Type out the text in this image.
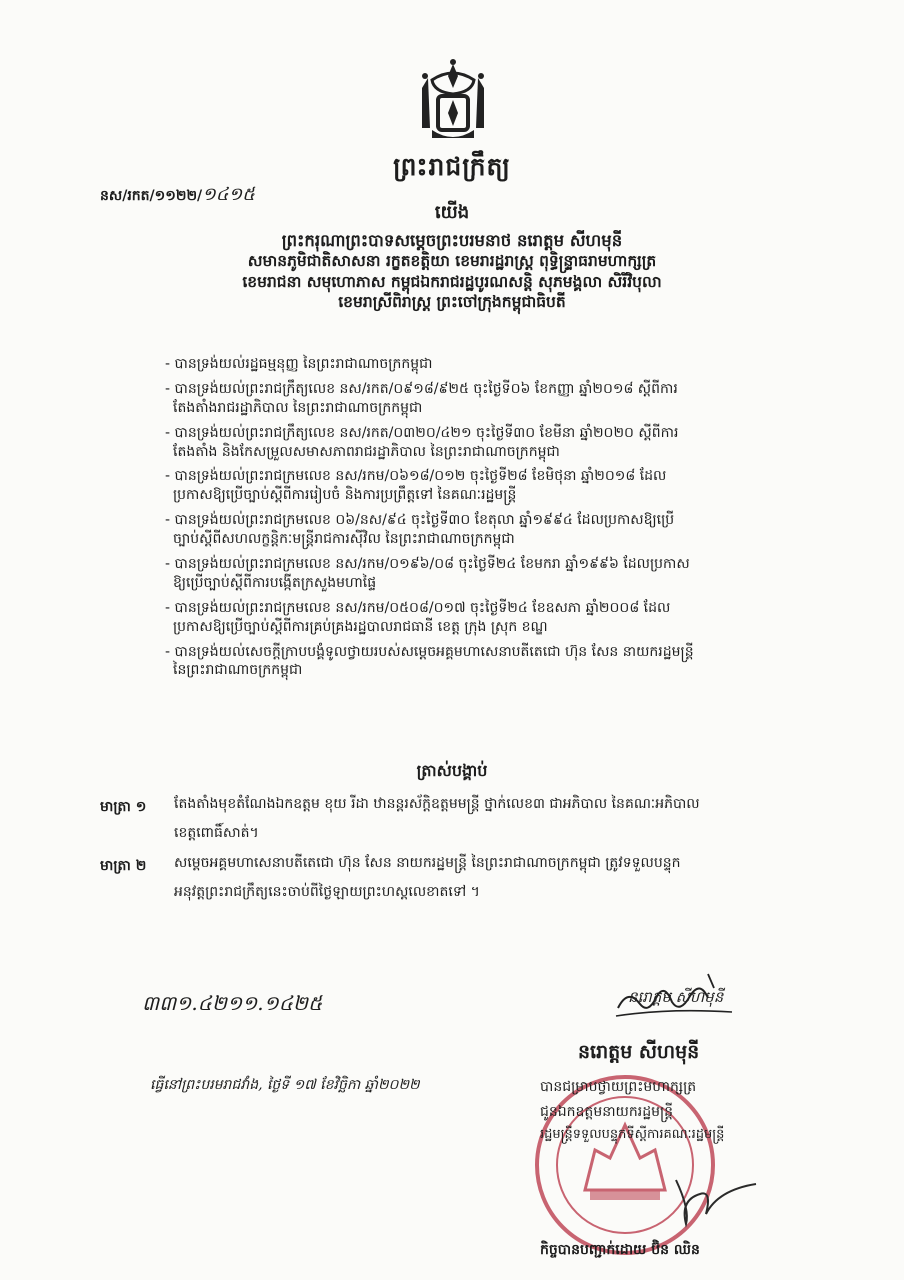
ព្រះរាជក្រឹត្យ
នស/រកត/១១២២/១៤១៥
យើង
ព្រះករុណាព្រះបាទសម្តេចព្រះបរមនាថ នរោត្តម សីហមុនី
សមានភូមិជាតិសាសនា រក្ខតខត្តិយា ខេមរារដ្ឋរាស្ត្រ ពុទ្ធិន្ទ្រាធរាមហាក្សត្រ
ខេមរាជនា សមុហោភាស កម្ពុជឯករាជរដ្ឋបូរណសន្តិ សុភមង្គលា សិរីវិបុលា
ខេមរាស្រីពិរាស្ត្រ ព្រះចៅក្រុងកម្ពុជាធិបតី
- បានទ្រង់យល់រដ្ឋធម្មនុញ្ញ នៃព្រះរាជាណាចក្រកម្ពុជា
- បានទ្រង់យល់ព្រះរាជក្រឹត្យលេខ នស/រកត/០៩១៨/៩២៥ ចុះថ្ងៃទី០៦ ខែកញ្ញា ឆ្នាំ២០១៨ ស្តីពីការ
តែងតាំងរាជរដ្ឋាភិបាល នៃព្រះរាជាណាចក្រកម្ពុជា
- បានទ្រង់យល់ព្រះរាជក្រឹត្យលេខ នស/រកត/០៣២០/៤២១ ចុះថ្ងៃទី៣០ ខែមីនា ឆ្នាំ២០២០ ស្តីពីការ
តែងតាំង និងកែសម្រួលសមាសភាពរាជរដ្ឋាភិបាល នៃព្រះរាជាណាចក្រកម្ពុជា
- បានទ្រង់យល់ព្រះរាជក្រមលេខ នស/រកម/០៦១៨/០១២ ចុះថ្ងៃទី២៨ ខែមិថុនា ឆ្នាំ២០១៨ ដែល
ប្រកាសឱ្យប្រើច្បាប់ស្តីពីការរៀបចំ និងការប្រព្រឹត្តទៅ នៃគណៈរដ្ឋមន្ត្រី
- បានទ្រង់យល់ព្រះរាជក្រមលេខ ០៦/នស/៩៤ ចុះថ្ងៃទី៣០ ខែតុលា ឆ្នាំ១៩៩៤ ដែលប្រកាសឱ្យប្រើ
ច្បាប់ស្តីពីសហលក្ខន្តិកៈមន្ត្រីរាជការស៊ីវិល នៃព្រះរាជាណាចក្រកម្ពុជា
- បានទ្រង់យល់ព្រះរាជក្រមលេខ នស/រកម/០១៩៦/០៨ ចុះថ្ងៃទី២៤ ខែមករា ឆ្នាំ១៩៩៦ ដែលប្រកាស
ឱ្យប្រើច្បាប់ស្តីពីការបង្កើតក្រសួងមហាផ្ទៃ
- បានទ្រង់យល់ព្រះរាជក្រមលេខ នស/រកម/០៥០៨/០១៧ ចុះថ្ងៃទី២៤ ខែឧសភា ឆ្នាំ២០០៨ ដែល
ប្រកាសឱ្យប្រើច្បាប់ស្តីពីការគ្រប់គ្រងរដ្ឋបាលរាជធានី ខេត្ត ក្រុង ស្រុក ខណ្ឌ
- បានទ្រង់យល់សេចក្តីក្រាបបង្គំទូលថ្វាយរបស់សម្តេចអគ្គមហាសេនាបតីតេជោ ហ៊ុន សែន នាយករដ្ឋមន្ត្រី
នៃព្រះរាជាណាចក្រកម្ពុជា
ត្រាស់បង្គាប់
មាត្រា ១ តែងតាំងមុខតំណែងឯកឧត្តម ខុយ រីដា ឋានន្តរស័ក្តិឧត្តមមន្ត្រី ថ្នាក់លេខ៣ ជាអភិបាល នៃគណៈអភិបាល
ខេត្តពោធិ៍សាត់។
មាត្រា ២ សម្តេចអគ្គមហាសេនាបតីតេជោ ហ៊ុន សែន នាយករដ្ឋមន្ត្រី នៃព្រះរាជាណាចក្រកម្ពុជា ត្រូវទទួលបន្ទុក
អនុវត្តព្រះរាជក្រឹត្យនេះចាប់ពីថ្ងៃឡាយព្រះហស្តលេខាតទៅ ។
៣៣១.៤២១១.១៤២៥	នរោត្តម សីហមុនី
នរោត្តម សីហមុនី
ធ្វើនៅព្រះបរមរាជវាំង, ថ្ងៃទី ១៧ ខែវិច្ឆិកា ឆ្នាំ២០២២	បានជម្រាបថ្វាយព្រះមហាក្សត្រ
ជូនឯកឧត្តមនាយករដ្ឋមន្ត្រី
រដ្ឋមន្ត្រីទទួលបន្ទុកទីស្តីការគណៈរដ្ឋមន្ត្រី
កិច្ចបានបញ្ជាក់ដោយ ប៊ិន ឈិន
